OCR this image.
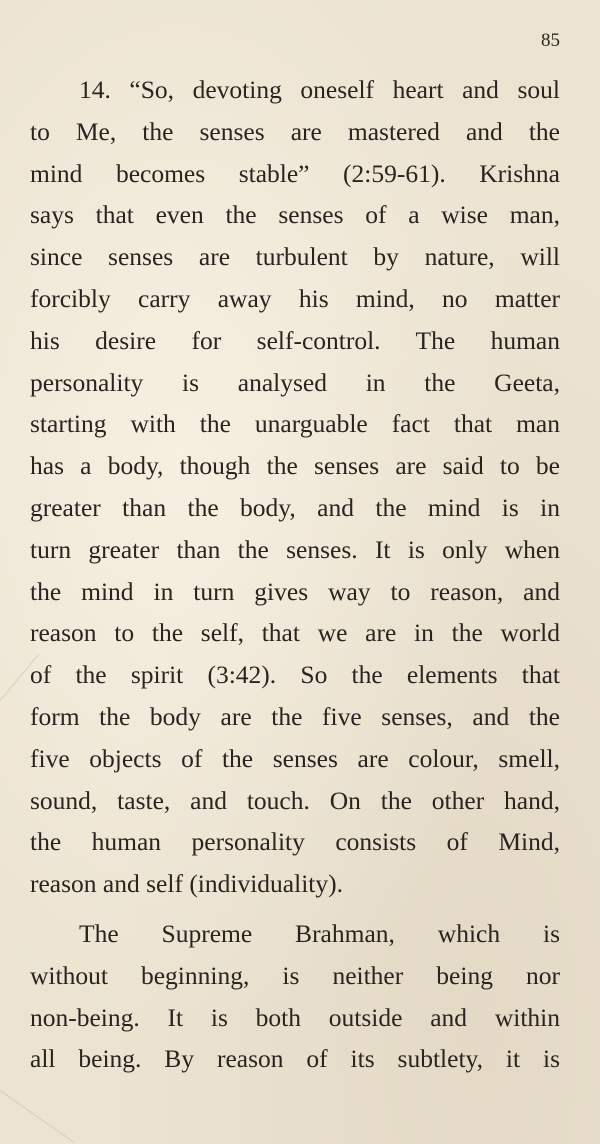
85
14. “So, devoting oneself heart and soul
to Me, the senses are mastered and the
mind becomes stable” (2:59-61). Krishna
says that even the senses of a wise man,
since senses are turbulent by nature, will
forcibly carry away his mind, no matter
his desire for self-control. The human
personality is analysed in the Geeta,
starting with the unarguable fact that man
has a body, though the senses are said to be
greater than the body, and the mind is in
turn greater than the senses. It is only when
the mind in turn gives way to reason, and
reason to the self, that we are in the world
of the spirit (3:42). So the elements that
form the body are the five senses, and the
five objects of the senses are colour, smell,
sound, taste, and touch. On the other hand,
the human personality consists of Mind,
reason and self (individuality).
The Supreme Brahman, which is
without beginning, is neither being nor
non-being. It is both outside and within
all being. By reason of its subtlety, it is
